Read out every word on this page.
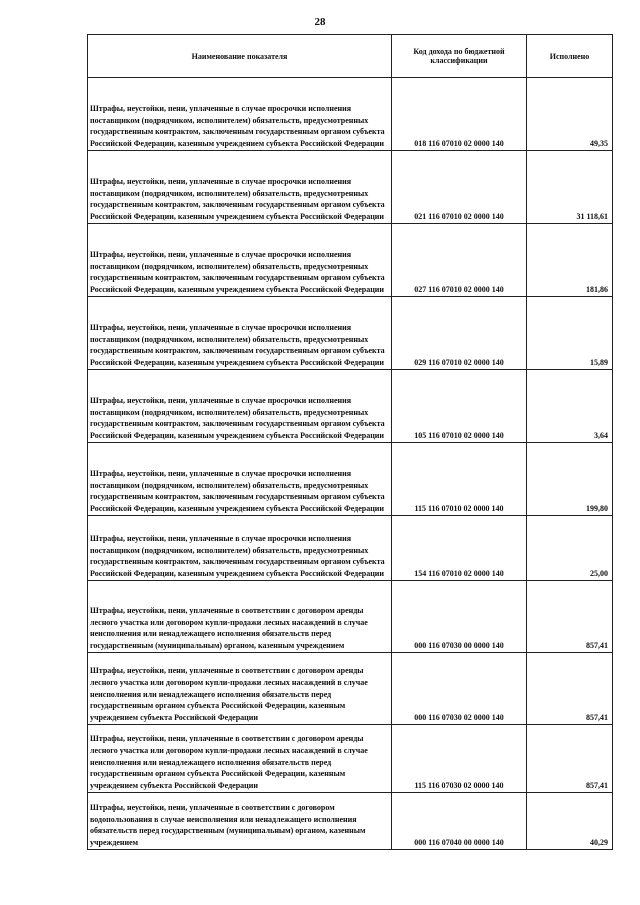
28
Наименование показателя	Код дохода по бюджетной классификации	Исполнено
Штрафы, неустойки, пени, уплаченные в случае просрочки исполнения поставщиком (подрядчиком, исполнителем) обязательств, предусмотренных государственным контрактом, заключенным государственным органом субъекта Российской Федерации, казенным учреждением субъекта Российской Федерации	018 116 07010 02 0000 140	49,35
Штрафы, неустойки, пени, уплаченные в случае просрочки исполнения поставщиком (подрядчиком, исполнителем) обязательств, предусмотренных государственным контрактом, заключенным государственным органом субъекта Российской Федерации, казенным учреждением субъекта Российской Федерации	021 116 07010 02 0000 140	31 118,61
Штрафы, неустойки, пени, уплаченные в случае просрочки исполнения поставщиком (подрядчиком, исполнителем) обязательств, предусмотренных государственным контрактом, заключенным государственным органом субъекта Российской Федерации, казенным учреждением субъекта Российской Федерации	027 116 07010 02 0000 140	181,86
Штрафы, неустойки, пени, уплаченные в случае просрочки исполнения поставщиком (подрядчиком, исполнителем) обязательств, предусмотренных государственным контрактом, заключенным государственным органом субъекта Российской Федерации, казенным учреждением субъекта Российской Федерации	029 116 07010 02 0000 140	15,89
Штрафы, неустойки, пени, уплаченные в случае просрочки исполнения поставщиком (подрядчиком, исполнителем) обязательств, предусмотренных государственным контрактом, заключенным государственным органом субъекта Российской Федерации, казенным учреждением субъекта Российской Федерации	105 116 07010 02 0000 140	3,64
Штрафы, неустойки, пени, уплаченные в случае просрочки исполнения поставщиком (подрядчиком, исполнителем) обязательств, предусмотренных государственным контрактом, заключенным государственным органом субъекта Российской Федерации, казенным учреждением субъекта Российской Федерации	115 116 07010 02 0000 140	199,80
Штрафы, неустойки, пени, уплаченные в случае просрочки исполнения поставщиком (подрядчиком, исполнителем) обязательств, предусмотренных государственным контрактом, заключенным государственным органом субъекта Российской Федерации, казенным учреждением субъекта Российской Федерации	154 116 07010 02 0000 140	25,00
Штрафы, неустойки, пени, уплаченные в соответствии с договором аренды лесного участка или договором купли-продажи лесных насаждений в случае неисполнения или ненадлежащего исполнения обязательств перед государственным (муниципальным) органом, казенным учреждением	000 116 07030 00 0000 140	857,41
Штрафы, неустойки, пени, уплаченные в соответствии с договором аренды лесного участка или договором купли-продажи лесных насаждений в случае неисполнения или ненадлежащего исполнения обязательств перед государственным органом субъекта Российской Федерации, казенным учреждением субъекта Российской Федерации	000 116 07030 02 0000 140	857,41
Штрафы, неустойки, пени, уплаченные в соответствии с договором аренды лесного участка или договором купли-продажи лесных насаждений в случае неисполнения или ненадлежащего исполнения обязательств перед государственным органом субъекта Российской Федерации, казенным учреждением субъекта Российской Федерации	115 116 07030 02 0000 140	857,41
Штрафы, неустойки, пени, уплаченные в соответствии с договором водопользования в случае неисполнения или ненадлежащего исполнения обязательств перед государственным (муниципальным) органом, казенным учреждением	000 116 07040 00 0000 140	40,29
